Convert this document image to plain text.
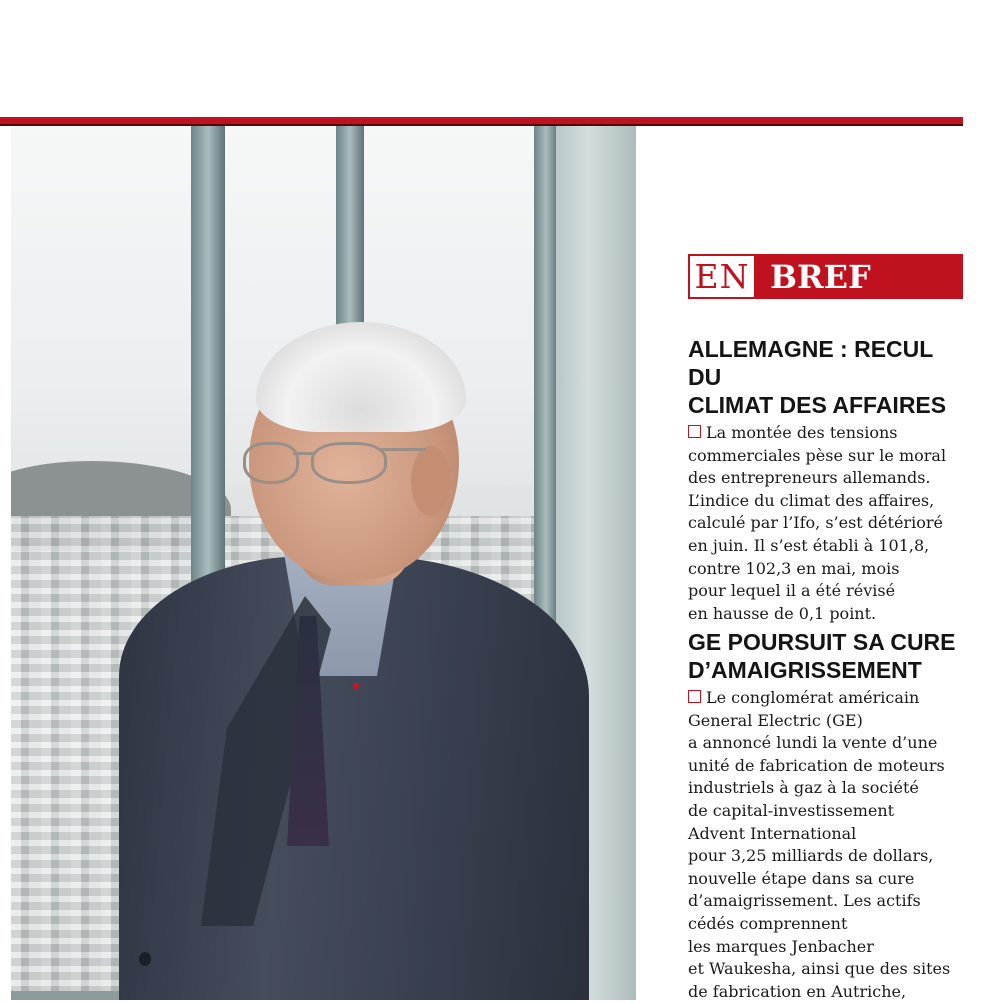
EN BREF
ALLEMAGNE : RECUL DU
CLIMAT DES AFFAIRES
La montée des tensions
commerciales pèse sur le moral
des entrepreneurs allemands.
L’indice du climat des affaires,
calculé par l’Ifo, s’est détérioré
en juin. Il s’est établi à 101,8,
contre 102,3 en mai, mois
pour lequel il a été révisé
en hausse de 0,1 point.
GE POURSUIT SA CURE
D’AMAIGRISSEMENT
Le conglomérat américain
General Electric (GE)
a annoncé lundi la vente d’une
unité de fabrication de moteurs
industriels à gaz à la société
de capital-investissement
Advent International
pour 3,25 milliards de dollars,
nouvelle étape dans sa cure
d’amaigrissement. Les actifs
cédés comprennent
les marques Jenbacher
et Waukesha, ainsi que des sites
de fabrication en Autriche,
